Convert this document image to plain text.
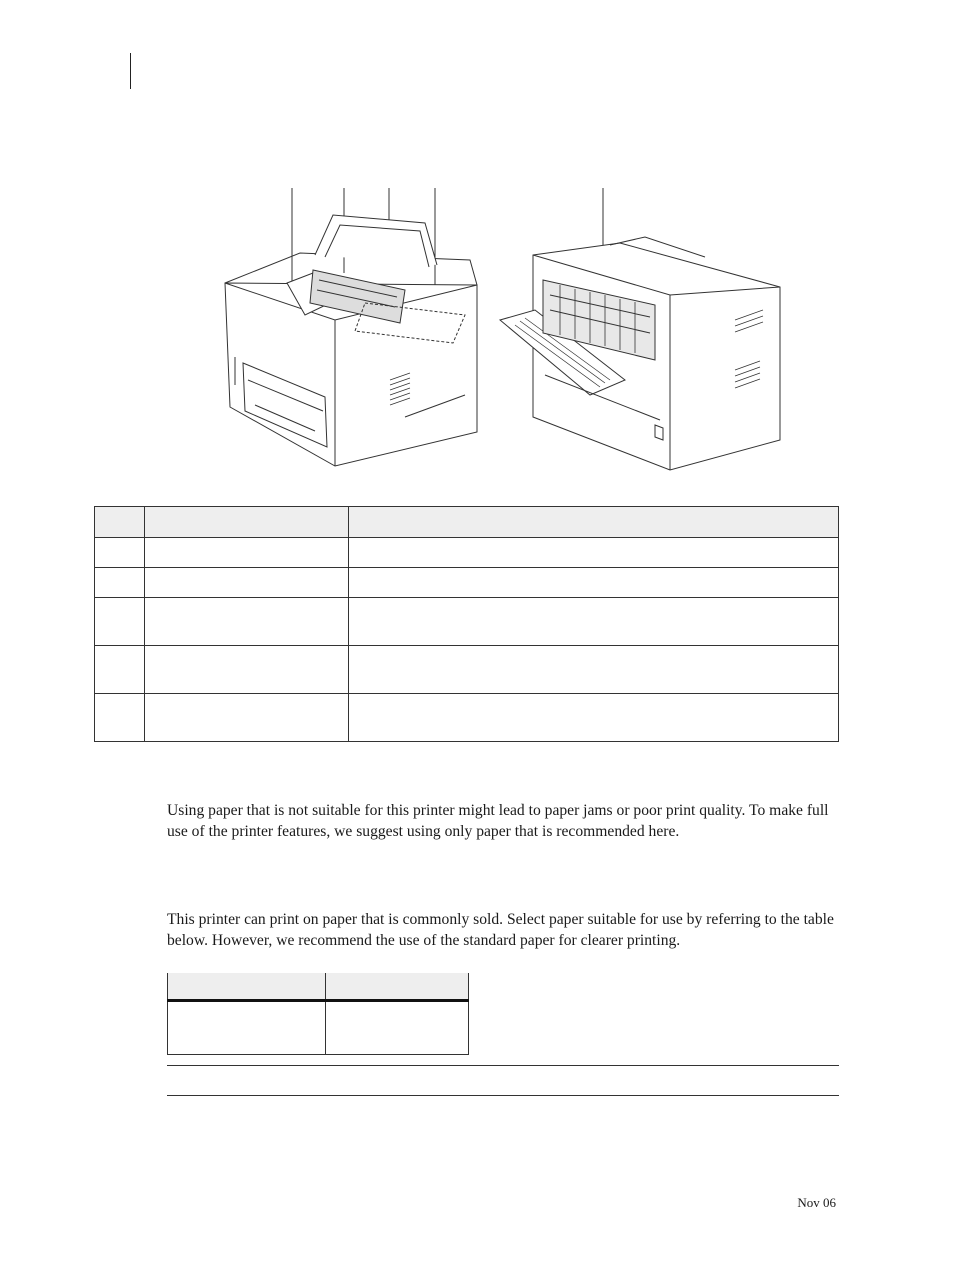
Using paper that is not suitable for this printer might lead to paper jams or poor print quality. To make full use of the printer features, we suggest using only paper that is recommended here.

This printer can print on paper that is commonly sold. Select paper suitable for use by referring to the table below. However, we recommend the use of the standard paper for clearer printing.

Nov 06
